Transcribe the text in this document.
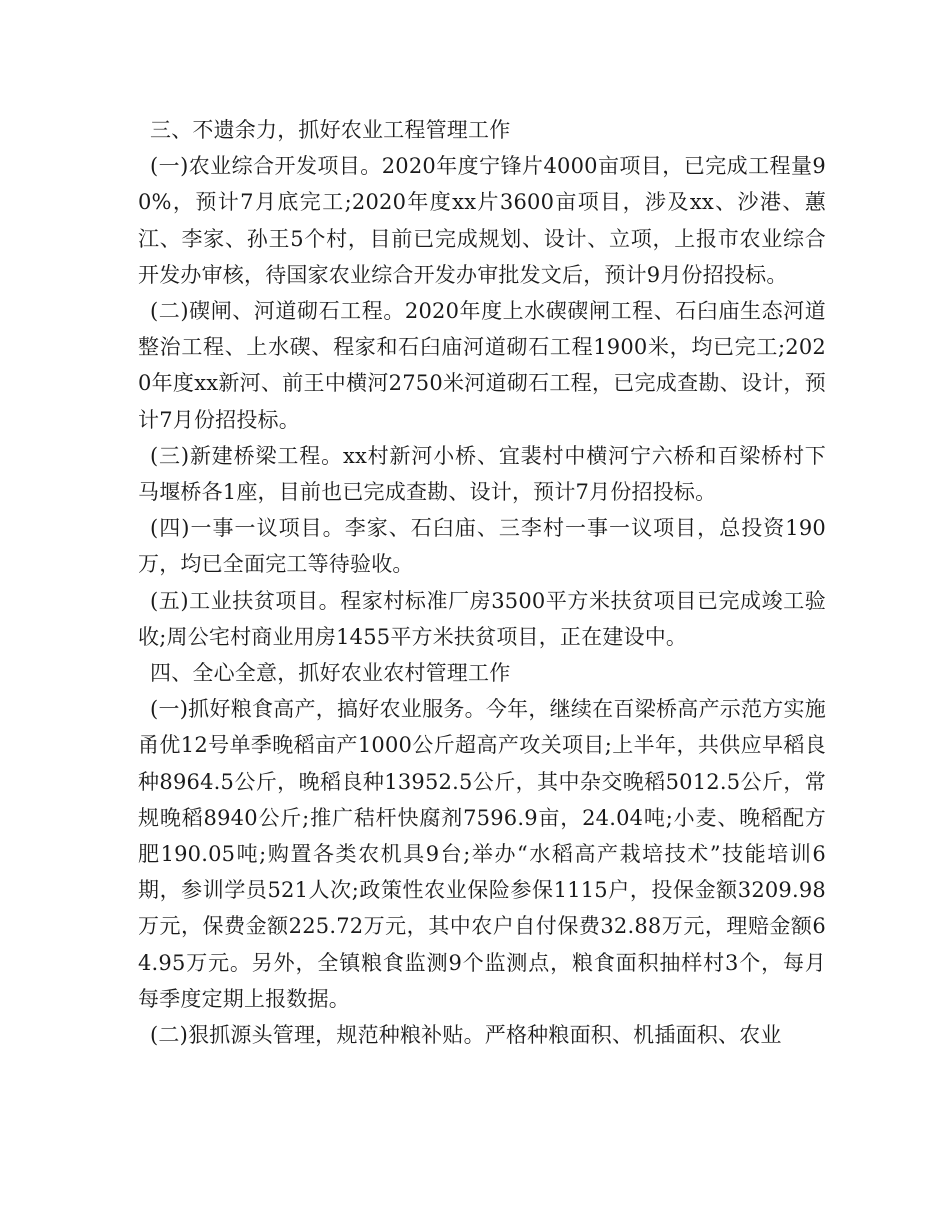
三、不遗余力，抓好农业工程管理工作

(一)农业综合开发项目。2020年度宁锋片4000亩项目，已完成工程量90%，预计7月底完工;2020年度xx片3600亩项目，涉及xx、沙港、蕙江、李家、孙王5个村，目前已完成规划、设计、立项，上报市农业综合开发办审核，待国家农业综合开发办审批发文后，预计9月份招投标。

(二)碶闸、河道砌石工程。2020年度上水碶碶闸工程、石臼庙生态河道整治工程、上水碶、程家和石臼庙河道砌石工程1900米，均已完工;2020年度xx新河、前王中横河2750米河道砌石工程，已完成查勘、设计，预计7月份招投标。

(三)新建桥梁工程。xx村新河小桥、宜裴村中横河宁六桥和百梁桥村下马堰桥各1座，目前也已完成查勘、设计，预计7月份招投标。

(四)一事一议项目。李家、石臼庙、三李村一事一议项目，总投资190万，均已全面完工等待验收。

(五)工业扶贫项目。程家村标准厂房3500平方米扶贫项目已完成竣工验收;周公宅村商业用房1455平方米扶贫项目，正在建设中。

四、全心全意，抓好农业农村管理工作

(一)抓好粮食高产，搞好农业服务。今年，继续在百梁桥高产示范方实施甬优12号单季晚稻亩产1000公斤超高产攻关项目;上半年，共供应早稻良种8964.5公斤，晚稻良种13952.5公斤，其中杂交晚稻5012.5公斤，常规晚稻8940公斤;推广秸杆快腐剂7596.9亩，24.04吨;小麦、晚稻配方肥190.05吨;购置各类农机具9台;举办“水稻高产栽培技术”技能培训6期，参训学员521人次;政策性农业保险参保1115户，投保金额3209.98万元，保费金额225.72万元，其中农户自付保费32.88万元，理赔金额64.95万元。另外，全镇粮食监测9个监测点，粮食面积抽样村3个，每月每季度定期上报数据。

(二)狠抓源头管理，规范种粮补贴。严格种粮面积、机插面积、农业
